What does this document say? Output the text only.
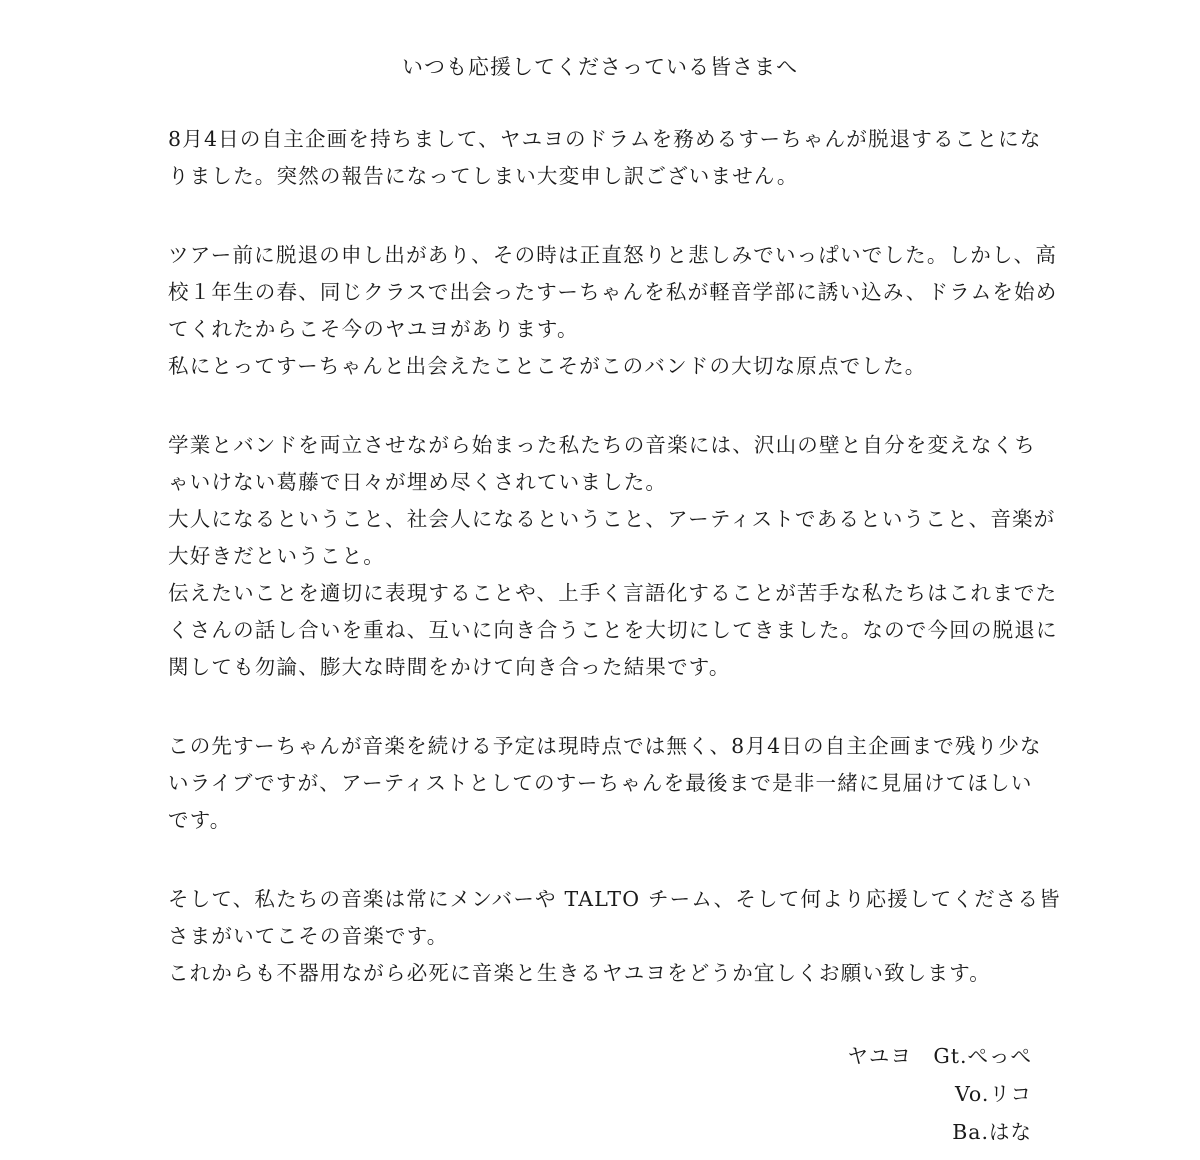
いつも応援してくださっている皆さまへ

8月4日の自主企画を持ちまして、ヤユヨのドラムを務めるすーちゃんが脱退することにな
りました。突然の報告になってしまい大変申し訳ございません。

ツアー前に脱退の申し出があり、その時は正直怒りと悲しみでいっぱいでした。しかし、高
校１年生の春、同じクラスで出会ったすーちゃんを私が軽音学部に誘い込み、ドラムを始め
てくれたからこそ今のヤユヨがあります。
私にとってすーちゃんと出会えたことこそがこのバンドの大切な原点でした。

学業とバンドを両立させながら始まった私たちの音楽には、沢山の壁と自分を変えなくち
ゃいけない葛藤で日々が埋め尽くされていました。
大人になるということ、社会人になるということ、アーティストであるということ、音楽が
大好きだということ。
伝えたいことを適切に表現することや、上手く言語化することが苦手な私たちはこれまでた
くさんの話し合いを重ね、互いに向き合うことを大切にしてきました。なので今回の脱退に
関しても勿論、膨大な時間をかけて向き合った結果です。

この先すーちゃんが音楽を続ける予定は現時点では無く、8月4日の自主企画まで残り少な
いライブですが、アーティストとしてのすーちゃんを最後まで是非一緒に見届けてほしい
です。

そして、私たちの音楽は常にメンバーや TALTO チーム、そして何より応援してくださる皆
さまがいてこその音楽です。
これからも不器用ながら必死に音楽と生きるヤユヨをどうか宜しくお願い致します。

ヤユヨ　 Gt.ぺっぺ
Vo.リコ
Ba.はな
